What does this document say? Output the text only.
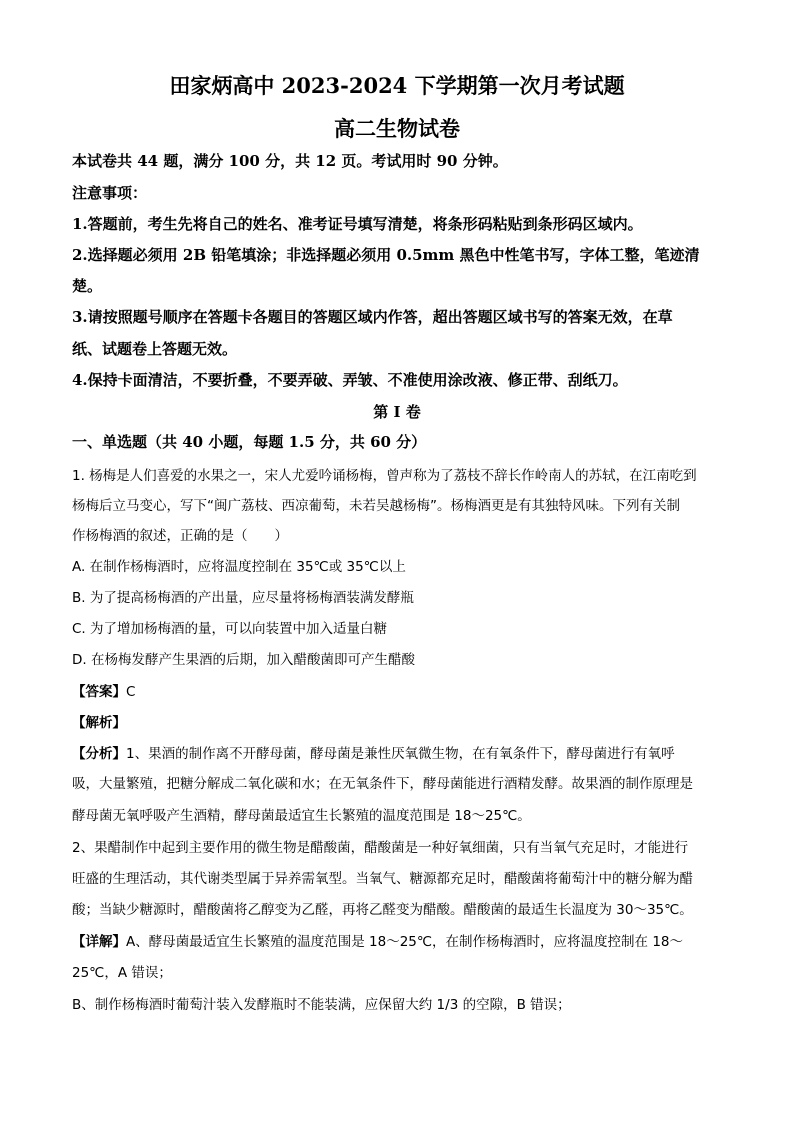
田家炳高中 2023-2024 下学期第一次月考试题
高二生物试卷
本试卷共 44 题，满分 100 分，共 12 页。考试用时 90 分钟。
注意事项：
1.答题前，考生先将自己的姓名、准考证号填写清楚，将条形码粘贴到条形码区域内。
2.选择题必须用 2B 铅笔填涂；非选择题必须用 0.5mm 黑色中性笔书写，字体工整，笔迹清
楚。
3.请按照题号顺序在答题卡各题目的答题区域内作答，超出答题区域书写的答案无效，在草
纸、试题卷上答题无效。
4.保持卡面清洁，不要折叠，不要弄破、弄皱、不准使用涂改液、修正带、刮纸刀。
第 I 卷
一、单选题（共 40 小题，每题 1.5 分，共 60 分）
1. 杨梅是人们喜爱的水果之一，宋人尤爱吟诵杨梅，曾声称为了荔枝不辞长作岭南人的苏轼，在江南吃到
杨梅后立马变心，写下“闽广荔枝、西凉葡萄，未若吴越杨梅”。杨梅酒更是有其独特风味。下列有关制
作杨梅酒的叙述，正确的是（　　）
A. 在制作杨梅酒时，应将温度控制在 35℃或 35℃以上
B. 为了提高杨梅酒的产出量，应尽量将杨梅酒装满发酵瓶
C. 为了增加杨梅酒的量，可以向装置中加入适量白糖
D. 在杨梅发酵产生果酒的后期，加入醋酸菌即可产生醋酸
【答案】C
【解析】
【分析】1、果酒的制作离不开酵母菌，酵母菌是兼性厌氧微生物，在有氧条件下，酵母菌进行有氧呼
吸，大量繁殖，把糖分解成二氧化碳和水；在无氧条件下，酵母菌能进行酒精发酵。故果酒的制作原理是
酵母菌无氧呼吸产生酒精，酵母菌最适宜生长繁殖的温度范围是 18～25℃。
2、果醋制作中起到主要作用的微生物是醋酸菌，醋酸菌是一种好氧细菌，只有当氧气充足时，才能进行
旺盛的生理活动，其代谢类型属于异养需氧型。当氧气、糖源都充足时，醋酸菌将葡萄汁中的糖分解为醋
酸；当缺少糖源时，醋酸菌将乙醇变为乙醛，再将乙醛变为醋酸。醋酸菌的最适生长温度为 30～35℃。
【详解】A、酵母菌最适宜生长繁殖的温度范围是 18～25℃，在制作杨梅酒时，应将温度控制在 18～
25℃，A 错误；
B、制作杨梅酒时葡萄汁装入发酵瓶时不能装满，应保留大约 1/3 的空隙，B 错误；
